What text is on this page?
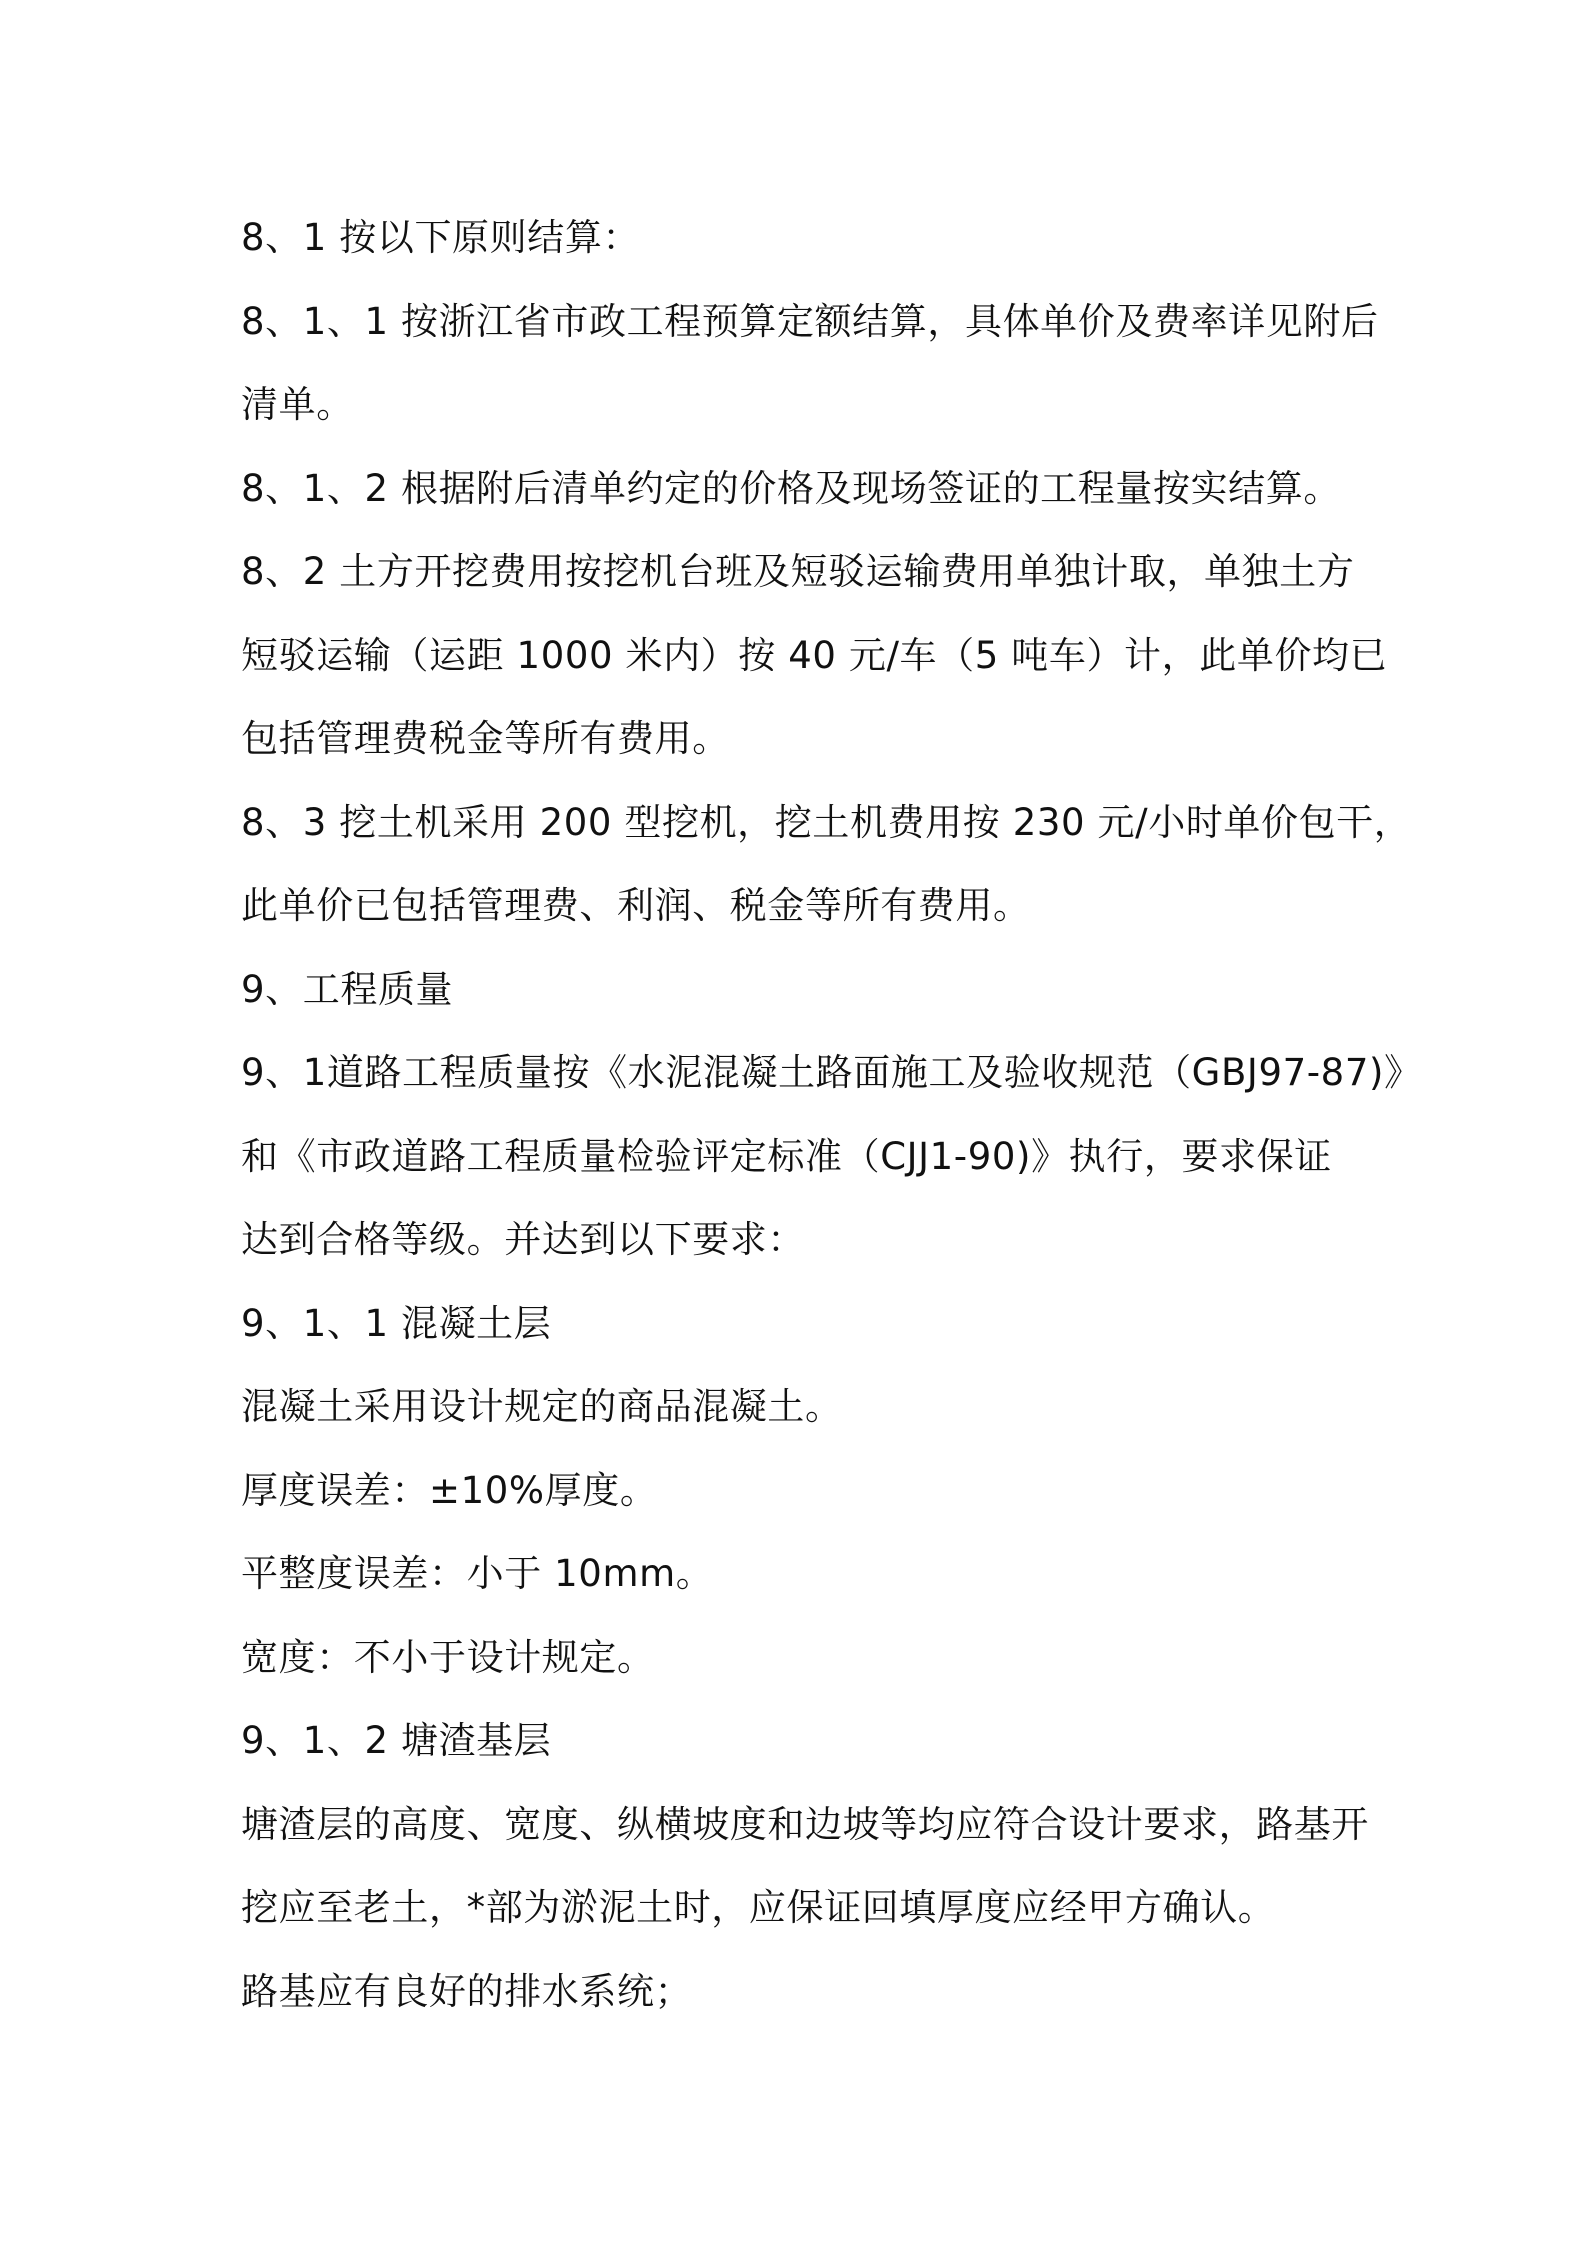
8、1 按以下原则结算：

8、1、1 按浙江省市政工程预算定额结算，具体单价及费率详见附后

清单。

8、1、2 根据附后清单约定的价格及现场签证的工程量按实结算。

8、2 土方开挖费用按挖机台班及短驳运输费用单独计取，单独土方

短驳运输（运距 1000 米内）按 40 元/车（5 吨车）计，此单价均已

包括管理费税金等所有费用。

8、3 挖土机采用 200 型挖机，挖土机费用按 230 元/小时单价包干，

此单价已包括管理费、利润、税金等所有费用。

9、工程质量

9、1道路工程质量按《水泥混凝土路面施工及验收规范（GBJ97-87)》

和《市政道路工程质量检验评定标准（CJJ1-90)》执行，要求保证

达到合格等级。并达到以下要求：

9、1、1 混凝土层

混凝土采用设计规定的商品混凝土。

厚度误差：±10%厚度。

平整度误差：小于 10mm。

宽度：不小于设计规定。

9、1、2 塘渣基层

塘渣层的高度、宽度、纵横坡度和边坡等均应符合设计要求，路基开

挖应至老土，*部为淤泥土时，应保证回填厚度应经甲方确认。

路基应有良好的排水系统；
